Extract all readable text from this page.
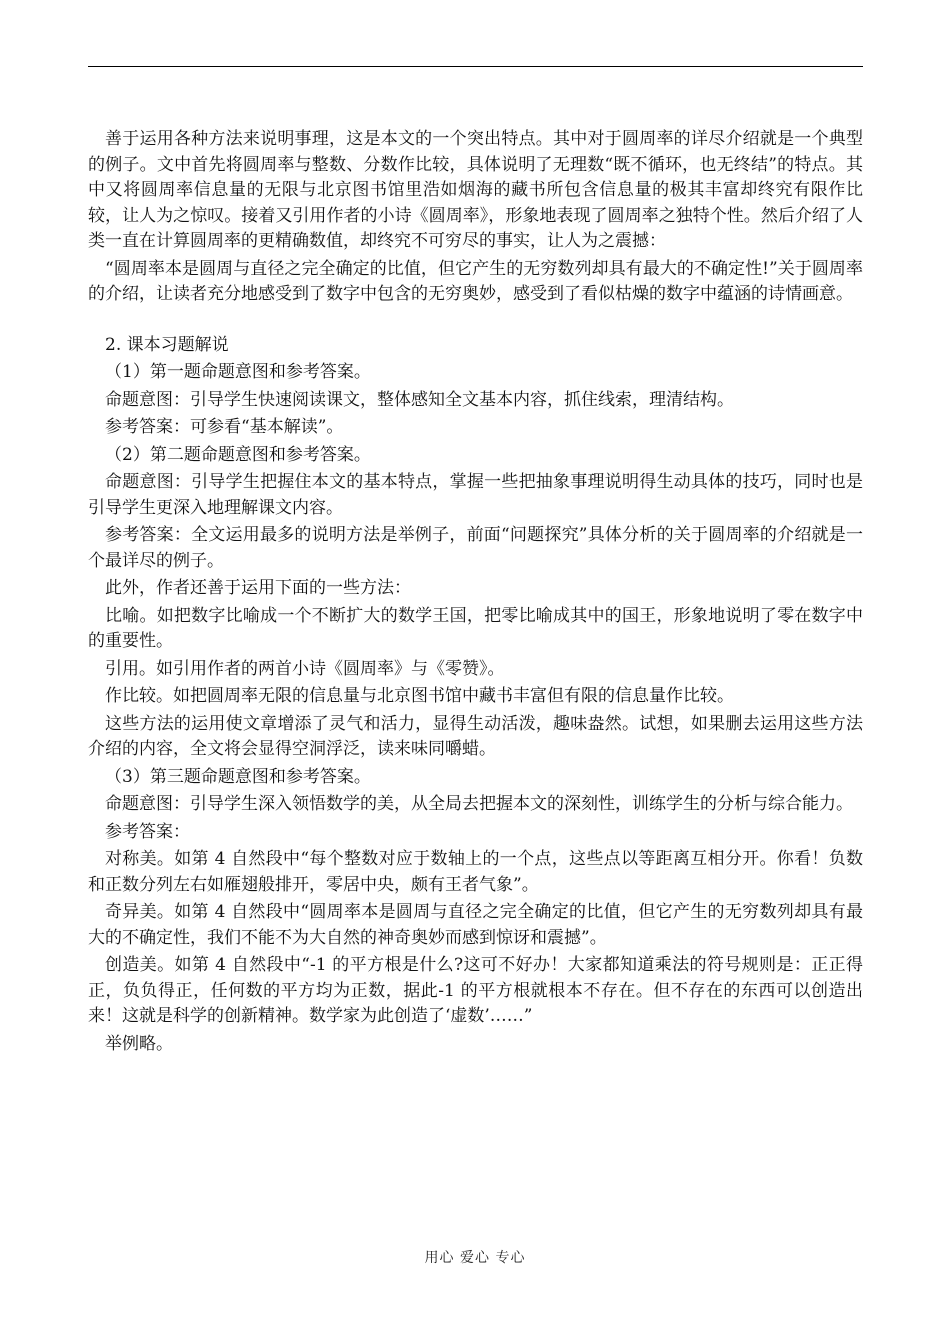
善于运用各种方法来说明事理，这是本文的一个突出特点。其中对于圆周率的详尽介绍就是一个典型的例子。文中首先将圆周率与整数、分数作比较，具体说明了无理数“既不循环，也无终结”的特点。其中又将圆周率信息量的无限与北京图书馆里浩如烟海的藏书所包含信息量的极其丰富却终究有限作比较，让人为之惊叹。接着又引用作者的小诗《圆周率》，形象地表现了圆周率之独特个性。然后介绍了人类一直在计算圆周率的更精确数值，却终究不可穷尽的事实，让人为之震撼：

“圆周率本是圆周与直径之完全确定的比值，但它产生的无穷数列却具有最大的不确定性!”关于圆周率的介绍，让读者充分地感受到了数字中包含的无穷奥妙，感受到了看似枯燥的数字中蕴涵的诗情画意。

2. 课本习题解说

（1）第一题命题意图和参考答案。

命题意图：引导学生快速阅读课文，整体感知全文基本内容，抓住线索，理清结构。

参考答案：可参看“基本解读”。

（2）第二题命题意图和参考答案。

命题意图：引导学生把握住本文的基本特点，掌握一些把抽象事理说明得生动具体的技巧，同时也是引导学生更深入地理解课文内容。

参考答案：全文运用最多的说明方法是举例子，前面“问题探究”具体分析的关于圆周率的介绍就是一个最详尽的例子。

此外，作者还善于运用下面的一些方法：

比喻。如把数字比喻成一个不断扩大的数学王国，把零比喻成其中的国王，形象地说明了零在数字中的重要性。

引用。如引用作者的两首小诗《圆周率》与《零赞》。

作比较。如把圆周率无限的信息量与北京图书馆中藏书丰富但有限的信息量作比较。

这些方法的运用使文章增添了灵气和活力，显得生动活泼，趣味盎然。试想，如果删去运用这些方法介绍的内容，全文将会显得空洞浮泛，读来味同嚼蜡。

（3）第三题命题意图和参考答案。

命题意图：引导学生深入领悟数学的美，从全局去把握本文的深刻性，训练学生的分析与综合能力。

参考答案：

对称美。如第 4 自然段中“每个整数对应于数轴上的一个点，这些点以等距离互相分开。你看！负数和正数分列左右如雁翅般排开，零居中央，颇有王者气象”。

奇异美。如第 4 自然段中“圆周率本是圆周与直径之完全确定的比值，但它产生的无穷数列却具有最大的不确定性，我们不能不为大自然的神奇奥妙而感到惊讶和震撼”。

创造美。如第 4 自然段中“-1 的平方根是什么?这可不好办！大家都知道乘法的符号规则是：正正得正，负负得正，任何数的平方均为正数，据此-1 的平方根就根本不存在。但不存在的东西可以创造出来！这就是科学的创新精神。数学家为此创造了‘虚数’……”

举例略。

用心 爱心 专心
